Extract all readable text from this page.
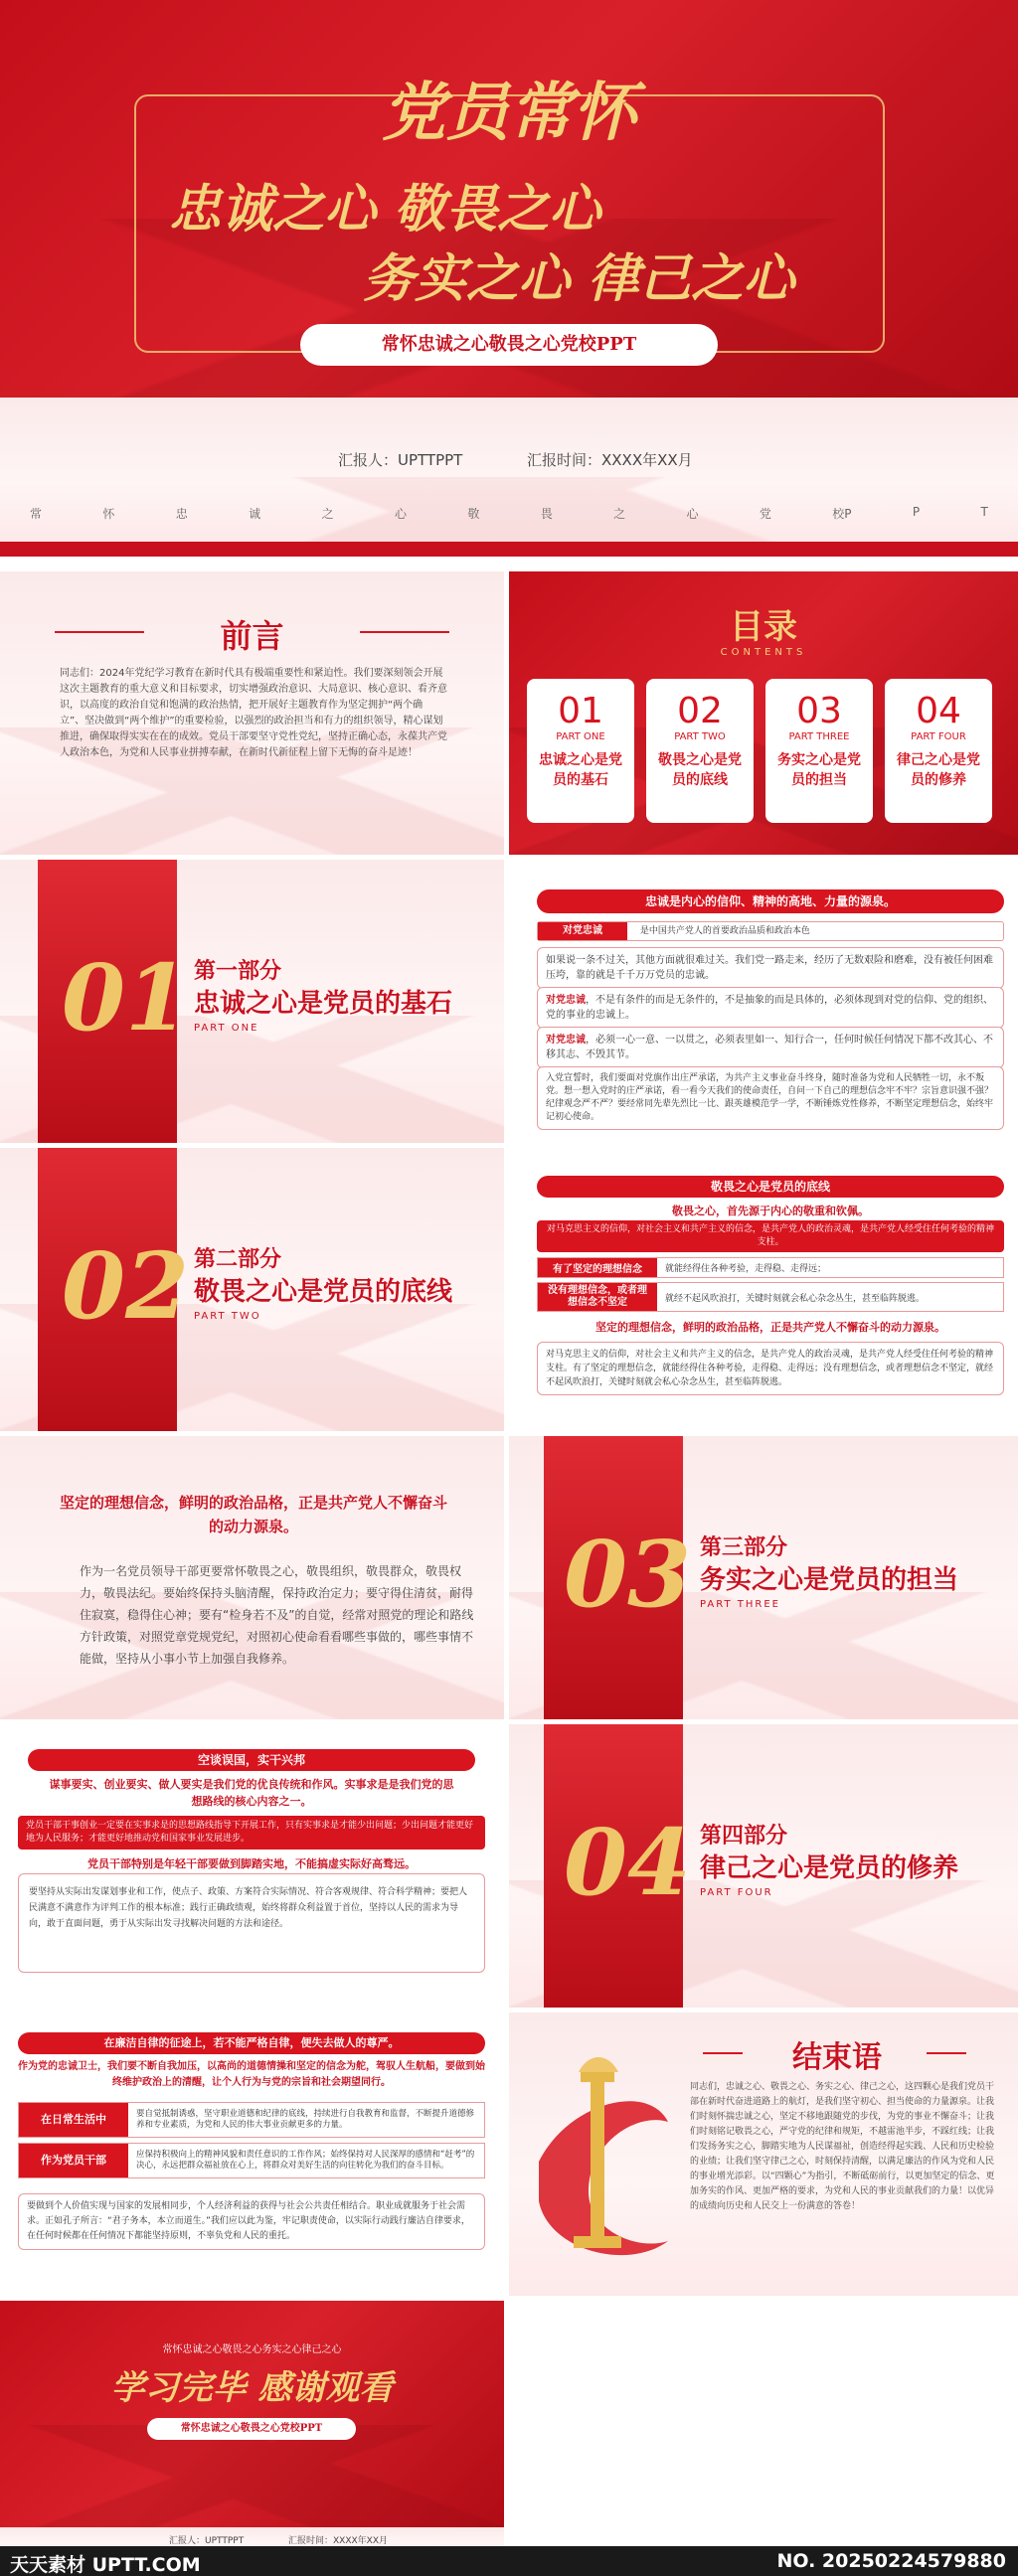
党员常怀
忠诚之心 敬畏之心
务实之心 律己之心
常怀忠诚之心敬畏之心党校PPT
汇报人：UPTTPPT	汇报时间：XXXX年XX月
常	怀	忠	诚	之	心	敬	畏	之	心	党	校P	P	T
前言
同志们：2024年党纪学习教育在新时代具有极端重要性和紧迫性。我们要深刻领会开展这次主题教育的重大意义和目标要求，切实增强政治意识、大局意识、核心意识、看齐意识，以高度的政治自觉和饱满的政治热情，把开展好主题教育作为坚定拥护“两个确立”、坚决做到“两个维护”的重要检验，以强烈的政治担当和有力的组织领导，精心谋划推进，确保取得实实在在的成效。党员干部要坚守党性党纪，坚持正确心态，永葆共产党人政治本色，为党和人民事业拼搏奉献，在新时代新征程上留下无悔的奋斗足迹！
目录
CONTENTS
01
PART ONE
忠诚之心是党员的基石
02
PART TWO
敬畏之心是党员的底线
03
PART THREE
务实之心是党员的担当
04
PART FOUR
律己之心是党员的修养
01 第一部分
忠诚之心是党员的基石
PART ONE
忠诚是内心的信仰、精神的高地、力量的源泉。
对党忠诚	是中国共产党人的首要政治品质和政治本色
如果说一条不过关，其他方面就很难过关。我们党一路走来，经历了无数艰险和磨难，没有被任何困难压垮，靠的就是千千万万党员的忠诚。
对党忠诚，不是有条件的而是无条件的，不是抽象的而是具体的，必须体现到对党的信仰、党的组织、党的事业的忠诚上。
对党忠诚，必须一心一意、一以贯之，必须表里如一、知行合一，任何时候任何情况下都不改其心、不移其志、不毁其节。
入党宣誓时，我们要面对党旗作出庄严承诺，为共产主义事业奋斗终身，随时准备为党和人民牺牲一切，永不叛党。想一想入党时的庄严承诺，看一看今天我们的使命责任，自问一下自己的理想信念牢不牢？宗旨意识强不强？纪律观念严不严？要经常同先辈先烈比一比、跟英雄模范学一学，不断锤炼党性修养，不断坚定理想信念，始终牢记初心使命。
02 第二部分
敬畏之心是党员的底线
PART TWO
敬畏之心是党员的底线
敬畏之心，首先源于内心的敬重和钦佩。
对马克思主义的信仰，对社会主义和共产主义的信念，是共产党人的政治灵魂，是共产党人经受住任何考验的精神支柱。
有了坚定的理想信念	就能经得住各种考验，走得稳、走得远；
没有理想信念，或者理想信念不坚定	就经不起风吹浪打，关键时刻就会私心杂念丛生，甚至临阵脱逃。
坚定的理想信念，鲜明的政治品格，正是共产党人不懈奋斗的动力源泉。
对马克思主义的信仰，对社会主义和共产主义的信念，是共产党人的政治灵魂，是共产党人经受住任何考验的精神支柱。有了坚定的理想信念，就能经得住各种考验，走得稳、走得远；没有理想信念，或者理想信念不坚定，就经不起风吹浪打，关键时刻就会私心杂念丛生，甚至临阵脱逃。
坚定的理想信念，鲜明的政治品格，正是共产党人不懈奋斗的动力源泉。
作为一名党员领导干部更要常怀敬畏之心，敬畏组织，敬畏群众，敬畏权力，敬畏法纪。要始终保持头脑清醒，保持政治定力；要守得住清贫，耐得住寂寞，稳得住心神；要有“检身若不及”的自觉，经常对照党的理论和路线方针政策，对照党章党规党纪，对照初心使命看看哪些事做的，哪些事情不能做，坚持从小事小节上加强自我修养。
03 第三部分
务实之心是党员的担当
PART THREE
空谈误国，实干兴邦
谋事要实、创业要实、做人要实是我们党的优良传统和作风。实事求是是我们党的思想路线的核心内容之一。
党员干部干事创业一定要在实事求是的思想路线指导下开展工作，只有实事求是才能少出问题；少出问题才能更好地为人民服务；才能更好地推动党和国家事业发展进步。
党员干部特别是年轻干部要做到脚踏实地，不能搞虚实际好高骛远。
要坚持从实际出发谋划事业和工作，使点子、政策、方案符合实际情况、符合客观规律、符合科学精神；要把人民满意不满意作为评判工作的根本标准；践行正确政绩观，始终将群众利益置于首位，坚持以人民的需求为导向，敢于直面问题，勇于从实际出发寻找解决问题的方法和途径。
04 第四部分
律己之心是党员的修养
PART FOUR
在廉洁自律的征途上，若不能严格自律，便失去做人的尊严。
作为党的忠诚卫士，我们要不断自我加压，以高尚的道德情操和坚定的信念为舵，驾驭人生航船，要做到始终维护政治上的清醒，让个人行为与党的宗旨和社会期望同行。
在日常生活中	要自觉抵制诱惑，坚守职业道德和纪律的底线，持续进行自我教育和监督，不断提升道德修养和专业素质，为党和人民的伟大事业贡献更多的力量。
作为党员干部	应保持积极向上的精神风貌和责任意识的工作作风；始终保持对人民深厚的感情和“赶考”的决心，永远把群众福祉放在心上，将群众对美好生活的向往转化为我们的奋斗目标。
要做到个人价值实现与国家的发展相同步，个人经济利益的获得与社会公共责任相结合。职业成就服务于社会需求。正如孔子所言：“君子务本，本立而道生。”我们应以此为鉴，牢记职责使命，以实际行动践行廉洁自律要求，在任何时候都在任何情况下都能坚持原则，不辜负党和人民的重托。
结束语
同志们，忠诚之心、敬畏之心、务实之心、律己之心，这四颗心是我们党员干部在新时代奋进道路上的航灯，是我们坚守初心、担当使命的力量源泉。让我们时刻怀揣忠诚之心，坚定不移地跟随党的步伐，为党的事业不懈奋斗；让我们时刻铭记敬畏之心，严守党的纪律和规矩，不越雷池半步，不踩红线；让我们发扬务实之心，脚踏实地为人民谋福祉，创造经得起实践、人民和历史检验的业绩；让我们坚守律己之心，时刻保持清醒，以满足廉洁的作风为党和人民的事业增光添彩。以“四颗心”为指引，不断砥砺前行，以更加坚定的信念、更加务实的作风、更加严格的要求，为党和人民的事业贡献我们的力量！以优异的成绩向历史和人民交上一份满意的答卷！
常怀忠诚之心敬畏之心务实之心律己之心
学习完毕 感谢观看
常怀忠诚之心敬畏之心党校PPT
汇报人：UPTTPPT	汇报时间：XXXX年XX月
天天素材 UPTT.COM	NO. 20250224579880
